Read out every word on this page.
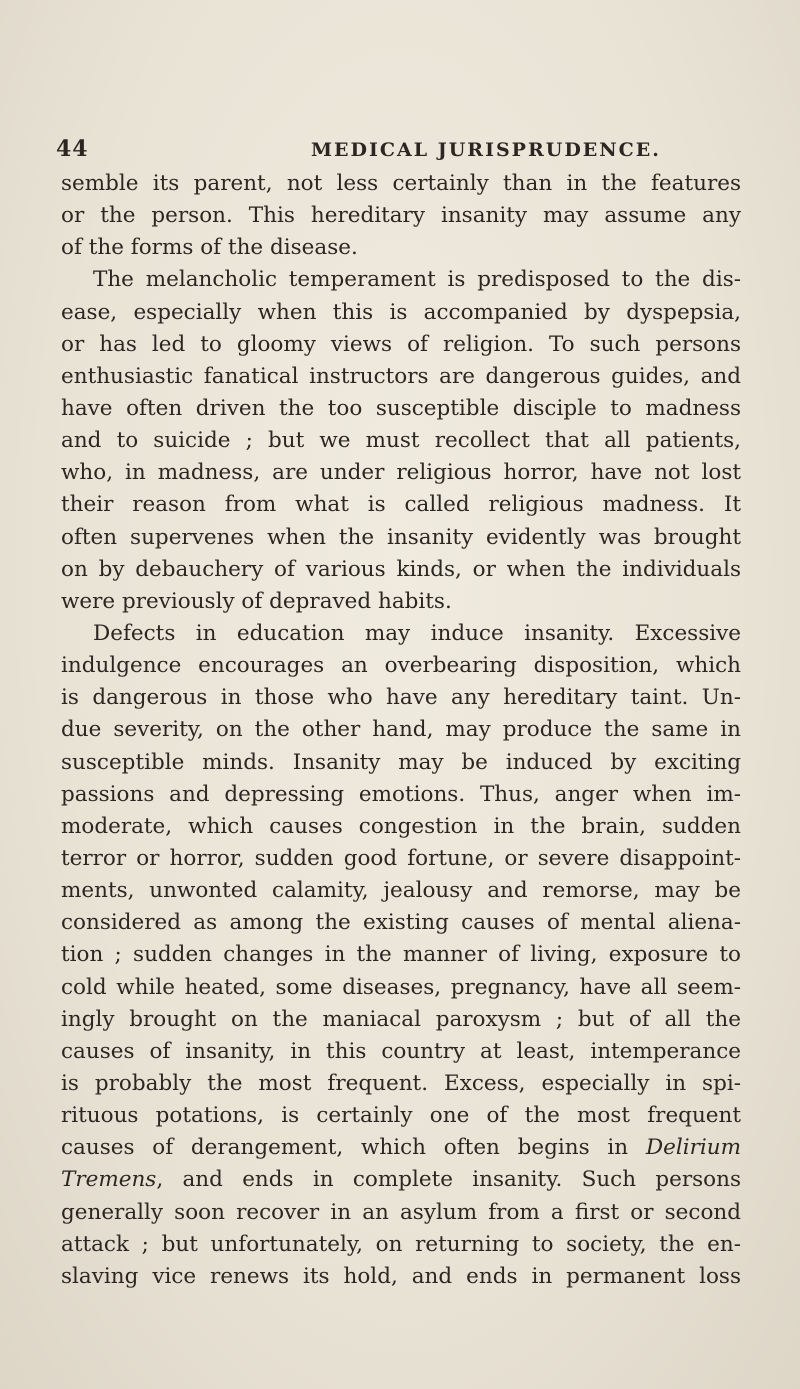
44	MEDICAL JURISPRUDENCE.
semble its parent, not less certainly than in the features
or the person. This hereditary insanity may assume any
of the forms of the disease.
The melancholic temperament is predisposed to the dis-
ease, especially when this is accompanied by dyspepsia,
or has led to gloomy views of religion. To such persons
enthusiastic fanatical instructors are dangerous guides, and
have often driven the too susceptible disciple to madness
and to suicide ; but we must recollect that all patients,
who, in madness, are under religious horror, have not lost
their reason from what is called religious madness. It
often supervenes when the insanity evidently was brought
on by debauchery of various kinds, or when the individuals
were previously of depraved habits.
Defects in education may induce insanity. Excessive
indulgence encourages an overbearing disposition, which
is dangerous in those who have any hereditary taint. Un-
due severity, on the other hand, may produce the same in
susceptible minds. Insanity may be induced by exciting
passions and depressing emotions. Thus, anger when im-
moderate, which causes congestion in the brain, sudden
terror or horror, sudden good fortune, or severe disappoint-
ments, unwonted calamity, jealousy and remorse, may be
considered as among the existing causes of mental aliena-
tion ; sudden changes in the manner of living, exposure to
cold while heated, some diseases, pregnancy, have all seem-
ingly brought on the maniacal paroxysm ; but of all the
causes of insanity, in this country at least, intemperance
is probably the most frequent. Excess, especially in spi-
rituous potations, is certainly one of the most frequent
causes of derangement, which often begins in Delirium
Tremens, and ends in complete insanity. Such persons
generally soon recover in an asylum from a first or second
attack ; but unfortunately, on returning to society, the en-
slaving vice renews its hold, and ends in permanent loss
